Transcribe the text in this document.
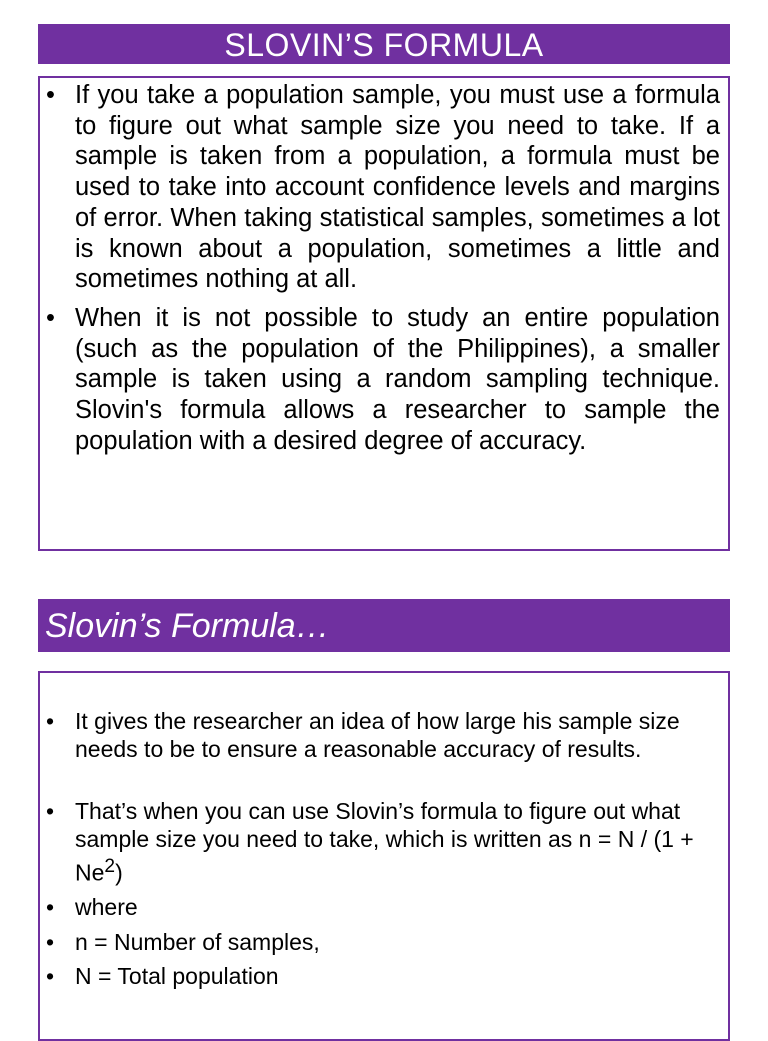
SLOVIN’S FORMULA
• If you take a population sample, you must use a formula to figure out what sample size you need to take. If a sample is taken from a population, a formula must be used to take into account confidence levels and margins of error. When taking statistical samples, sometimes a lot is known about a population, sometimes a little and sometimes nothing at all.
• When it is not possible to study an entire population (such as the population of the Philippines), a smaller sample is taken using a random sampling technique. Slovin's formula allows a researcher to sample the population with a desired degree of accuracy.
Slovin’s Formula…
• It gives the researcher an idea of how large his sample size needs to be to ensure a reasonable accuracy of results.
• That’s when you can use Slovin’s formula to figure out what sample size you need to take, which is written as $n = N / (1 + Ne^2)$
• where
• n = Number of samples,
• N = Total population
